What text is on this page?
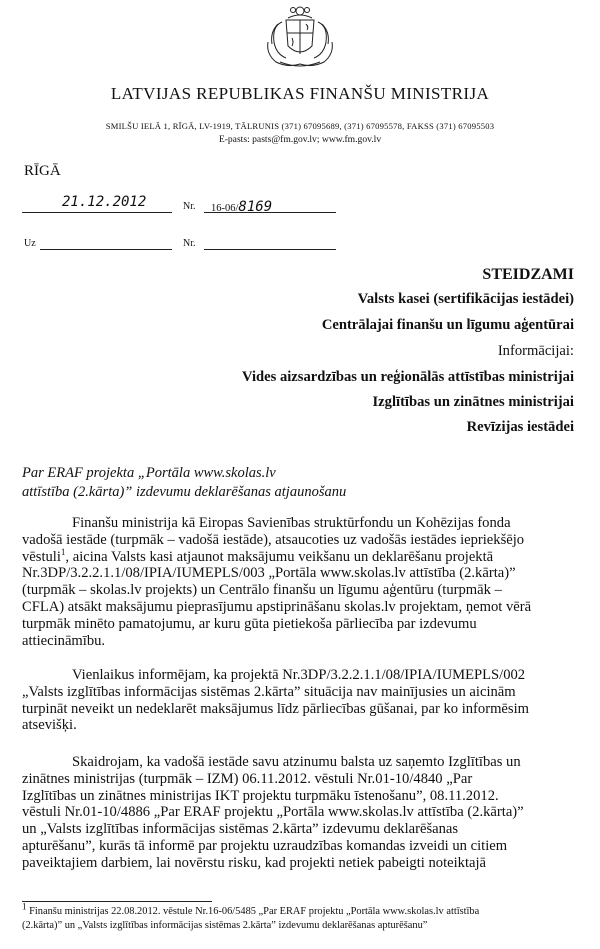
LATVIJAS REPUBLIKAS FINANŠU MINISTRIJA
SMILŠU IELĀ 1, RĪGĀ, LV-1919, TĀLRUNIS (371) 67095689, (371) 67095578, FAKSS (371) 67095503
E-pasts: pasts@fm.gov.lv; www.fm.gov.lv
RĪGĀ
21.12.2012	Nr. 16-06/8169
Uz	Nr.
STEIDZAMI
Valsts kasei (sertifikācijas iestādei)
Centrālajai finanšu un līgumu aģentūrai
Informācijai:
Vides aizsardzības un reģionālās attīstības ministrijai
Izglītības un zinātnes ministrijai
Revīzijas iestādei
Par ERAF projekta „Portāla www.skolas.lv
attīstība (2.kārta)” izdevumu deklarēšanas atjaunošanu
Finanšu ministrija kā Eiropas Savienības struktūrfondu un Kohēzijas fonda
vadošā iestāde (turpmāk – vadošā iestāde), atsaucoties uz vadošās iestādes iepriekšējo
vēstuli$^1$, aicina Valsts kasi atjaunot maksājumu veikšanu un deklarēšanu projektā
Nr.3DP/3.2.2.1.1/08/IPIA/IUMEPLS/003 „Portāla www.skolas.lv attīstība (2.kārta)”
(turpmāk – skolas.lv projekts) un Centrālo finanšu un līgumu aģentūru (turpmāk –
CFLA) atsākt maksājumu pieprasījumu apstiprināšanu skolas.lv projektam, ņemot vērā
turpmāk minēto pamatojumu, ar kuru gūta pietiekoša pārliecība par izdevumu
attiecināmību.
Vienlaikus informējam, ka projektā Nr.3DP/3.2.2.1.1/08/IPIA/IUMEPLS/002
„Valsts izglītības informācijas sistēmas 2.kārta” situācija nav mainījusies un aicinām
turpināt neveikt un nedeklarēt maksājumus līdz pārliecības gūšanai, par ko informēsim
atsevišķi.
Skaidrojam, ka vadošā iestāde savu atzinumu balsta uz saņemto Izglītības un
zinātnes ministrijas (turpmāk – IZM) 06.11.2012. vēstuli Nr.01-10/4840 „Par
Izglītības un zinātnes ministrijas IKT projektu turpmāku īstenošanu”, 08.11.2012.
vēstuli Nr.01-10/4886 „Par ERAF projektu „Portāla www.skolas.lv attīstība (2.kārta)”
un „Valsts izglītības informācijas sistēmas 2.kārta” izdevumu deklarēšanas
apturēšanu”, kurās tā informē par projektu uzraudzības komandas izveidi un citiem
paveiktajiem darbiem, lai novērstu risku, kad projekti netiek pabeigti noteiktajā
$^1$ Finanšu ministrijas 22.08.2012. vēstule Nr.16-06/5485 „Par ERAF projektu „Portāla www.skolas.lv attīstība
(2.kārta)” un „Valsts izglītības informācijas sistēmas 2.kārta” izdevumu deklarēšanas apturēšanu”
